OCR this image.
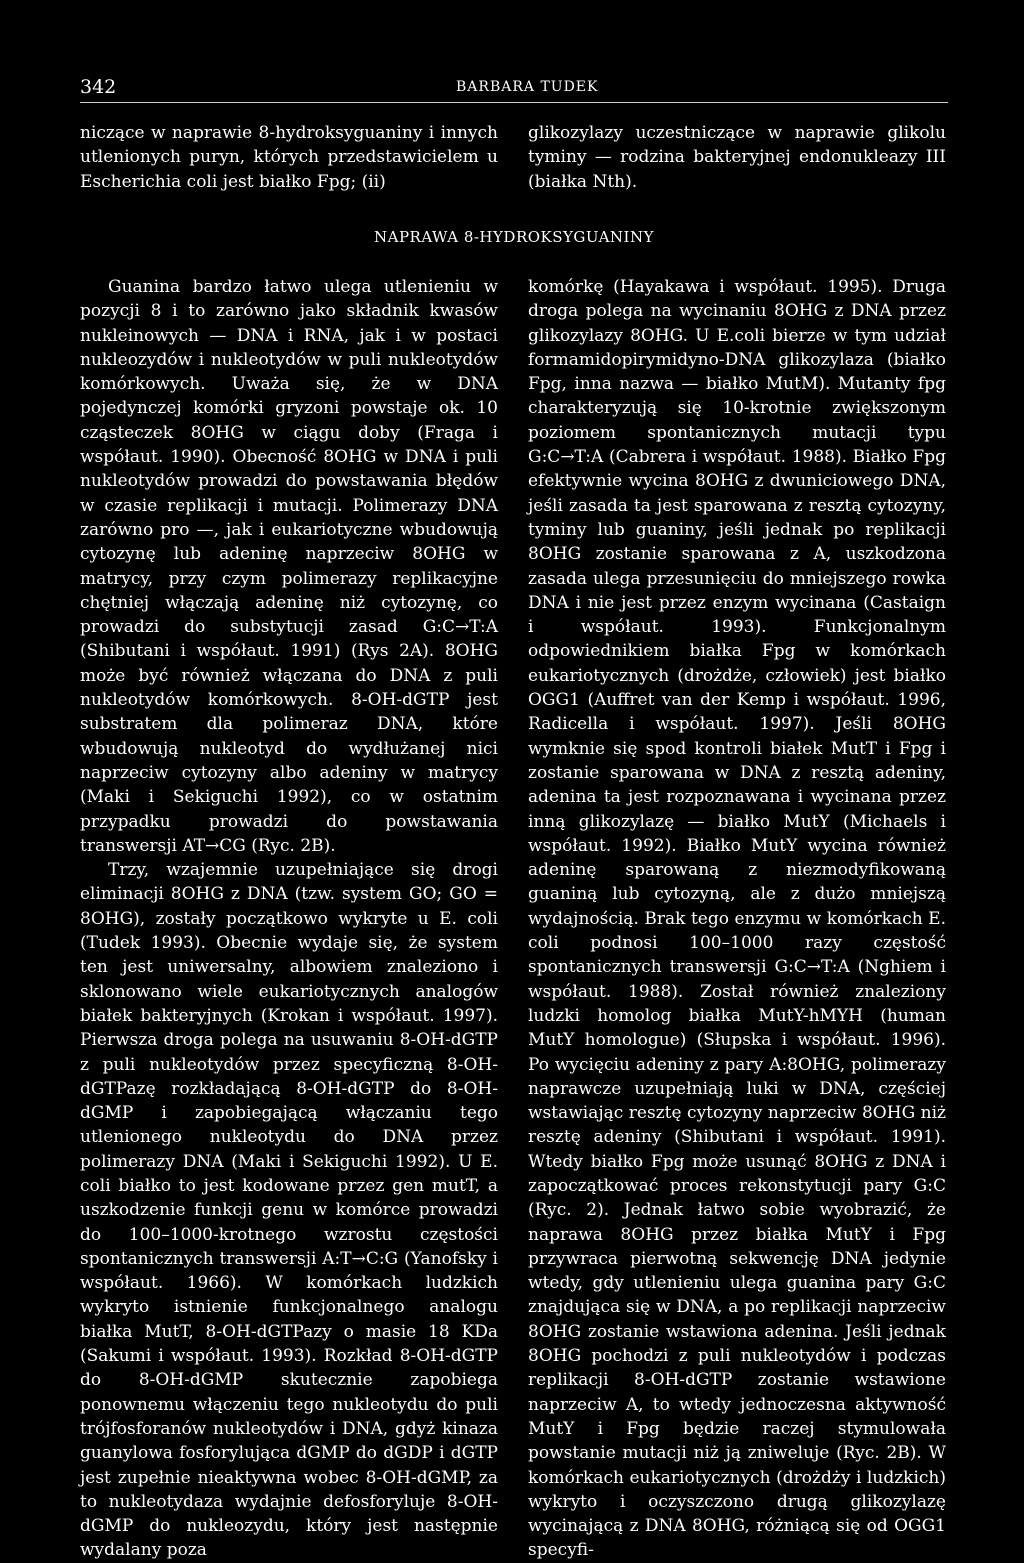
342	BARBARA TUDEK

niczące w naprawie 8-hydroksyguaniny i innych utlenionych puryn, których przedstawicielem u Escherichia coli jest białko Fpg; (ii)

glikozylazy uczestniczące w naprawie glikolu tyminy — rodzina bakteryjnej endonukleazy III (białka Nth).

NAPRAWA 8-HYDROKSYGUANINY

Guanina bardzo łatwo ulega utlenieniu w pozycji 8 i to zarówno jako składnik kwasów nukleinowych — DNA i RNA, jak i w postaci nukleozydów i nukleotydów w puli nukleotydów komórkowych. Uważa się, że w DNA pojedynczej komórki gryzoni powstaje ok. 10 cząsteczek 8OHG w ciągu doby (Fraga i współaut. 1990). Obecność 8OHG w DNA i puli nukleotydów prowadzi do powstawania błędów w czasie replikacji i mutacji. Polimerazy DNA zarówno pro —, jak i eukariotyczne wbudowują cytozynę lub adeninę naprzeciw 8OHG w matrycy, przy czym polimerazy replikacyjne chętniej włączają adeninę niż cytozynę, co prowadzi do substytucji zasad G:C→T:A (Shibutani i współaut. 1991) (Rys 2A). 8OHG może być również włączana do DNA z puli nukleotydów komórkowych. 8-OH-dGTP jest substratem dla polimeraz DNA, które wbudowują nukleotyd do wydłużanej nici naprzeciw cytozyny albo adeniny w matrycy (Maki i Sekiguchi 1992), co w ostatnim przypadku prowadzi do powstawania transwersji AT→CG (Ryc. 2B).

Trzy, wzajemnie uzupełniające się drogi eliminacji 8OHG z DNA (tzw. system GO; GO = 8OHG), zostały początkowo wykryte u E. coli (Tudek 1993). Obecnie wydaje się, że system ten jest uniwersalny, albowiem znaleziono i sklonowano wiele eukariotycznych analogów białek bakteryjnych (Krokan i współaut. 1997). Pierwsza droga polega na usuwaniu 8-OH-dGTP z puli nukleotydów przez specyficzną 8-OH-dGTPazę rozkładającą 8-OH-dGTP do 8-OH-dGMP i zapobiegającą włączaniu tego utlenionego nukleotydu do DNA przez polimerazy DNA (Maki i Sekiguchi 1992). U E. coli białko to jest kodowane przez gen mutT, a uszkodzenie funkcji genu w komórce prowadzi do 100–1000-krotnego wzrostu częstości spontanicznych transwersji A:T→C:G (Yanofsky i współaut. 1966). W komórkach ludzkich wykryto istnienie funkcjonalnego analogu białka MutT, 8-OH-dGTPazy o masie 18 KDa (Sakumi i współaut. 1993). Rozkład 8-OH-dGTP do 8-OH-dGMP skutecznie zapobiega ponownemu włączeniu tego nukleotydu do puli trójfosforanów nukleotydów i DNA, gdyż kinaza guanylowa fosforylująca dGMP do dGDP i dGTP jest zupełnie nieaktywna wobec 8-OH-dGMP, za to nukleotydaza wydajnie defosforyluje 8-OH-dGMP do nukleozydu, który jest następnie wydalany poza

komórkę (Hayakawa i współaut. 1995). Druga droga polega na wycinaniu 8OHG z DNA przez glikozylazy 8OHG. U E.coli bierze w tym udział formamidopirymidyno-DNA glikozylaza (białko Fpg, inna nazwa — białko MutM). Mutanty fpg charakteryzują się 10-krotnie zwiększonym poziomem spontanicznych mutacji typu G:C→T:A (Cabrera i współaut. 1988). Białko Fpg efektywnie wycina 8OHG z dwuniciowego DNA, jeśli zasada ta jest sparowana z resztą cytozyny, tyminy lub guaniny, jeśli jednak po replikacji 8OHG zostanie sparowana z A, uszkodzona zasada ulega przesunięciu do mniejszego rowka DNA i nie jest przez enzym wycinana (Castaign i współaut. 1993). Funkcjonalnym odpowiednikiem białka Fpg w komórkach eukariotycznych (drożdże, człowiek) jest białko OGG1 (Auffret van der Kemp i współaut. 1996, Radicella i współaut. 1997). Jeśli 8OHG wymknie się spod kontroli białek MutT i Fpg i zostanie sparowana w DNA z resztą adeniny, adenina ta jest rozpoznawana i wycinana przez inną glikozylazę — białko MutY (Michaels i współaut. 1992). Białko MutY wycina również adeninę sparowaną z niezmodyfikowaną guaniną lub cytozyną, ale z dużo mniejszą wydajnością. Brak tego enzymu w komórkach E. coli podnosi 100–1000 razy częstość spontanicznych transwersji G:C→T:A (Nghiem i współaut. 1988). Został również znaleziony ludzki homolog białka MutY-hMYH (human MutY homologue) (Słupska i współaut. 1996). Po wycięciu adeniny z pary A:8OHG, polimerazy naprawcze uzupełniają luki w DNA, częściej wstawiając resztę cytozyny naprzeciw 8OHG niż resztę adeniny (Shibutani i współaut. 1991). Wtedy białko Fpg może usunąć 8OHG z DNA i zapoczątkować proces rekonstytucji pary G:C (Ryc. 2). Jednak łatwo sobie wyobrazić, że naprawa 8OHG przez białka MutY i Fpg przywraca pierwotną sekwencję DNA jedynie wtedy, gdy utlenieniu ulega guanina pary G:C znajdująca się w DNA, a po replikacji naprzeciw 8OHG zostanie wstawiona adenina. Jeśli jednak 8OHG pochodzi z puli nukleotydów i podczas replikacji 8-OH-dGTP zostanie wstawione naprzeciw A, to wtedy jednoczesna aktywność MutY i Fpg będzie raczej stymulowała powstanie mutacji niż ją zniweluje (Ryc. 2B). W komórkach eukariotycznych (drożdży i ludzkich) wykryto i oczyszczono drugą glikozylazę wycinającą z DNA 8OHG, różniącą się od OGG1 specyfi-
